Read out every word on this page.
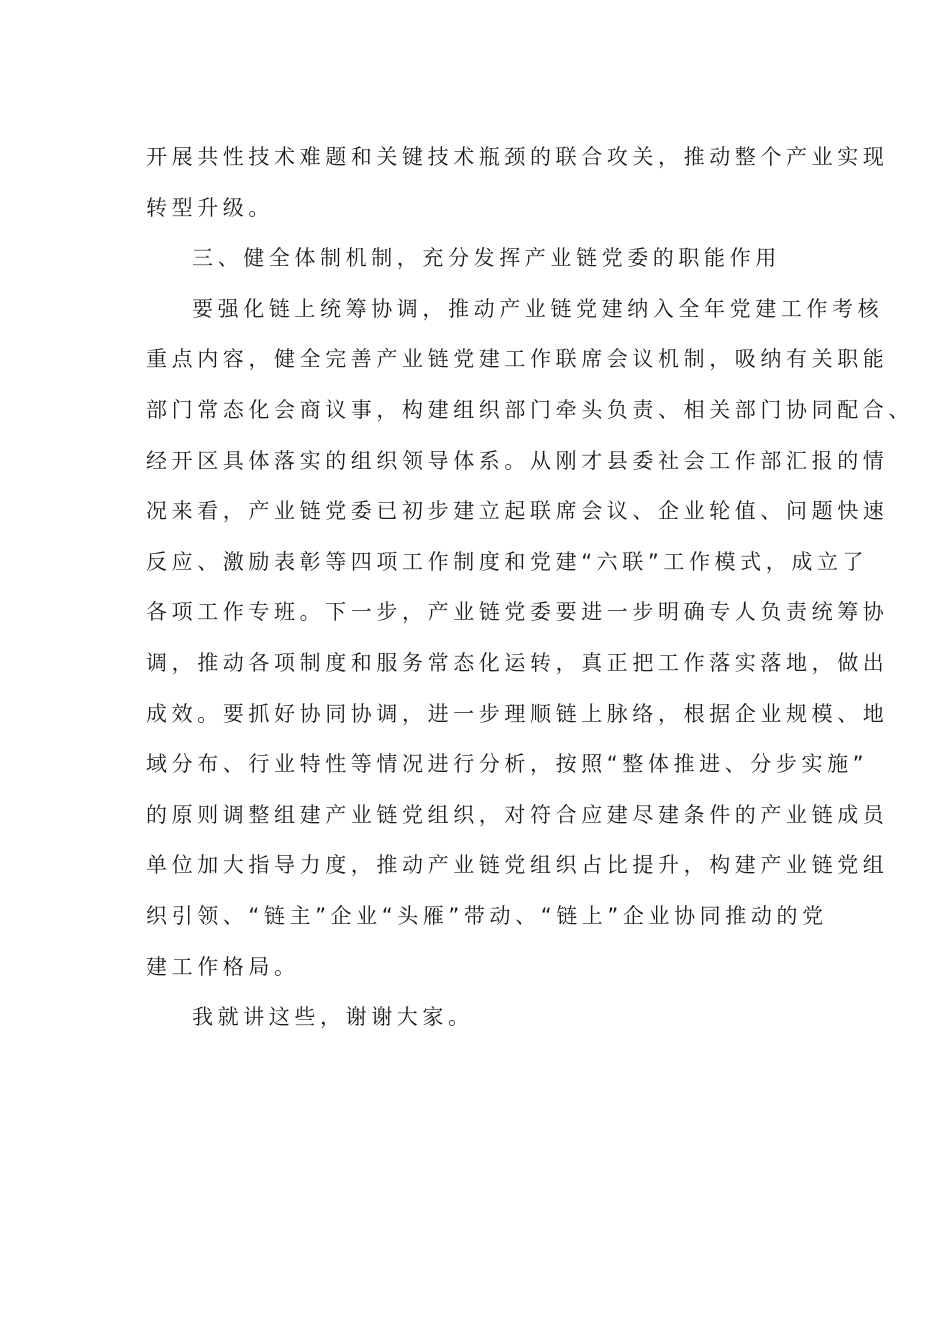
开展共性技术难题和关键技术瓶颈的联合攻关，推动整个产业实现
转型升级。
三、健全体制机制，充分发挥产业链党委的职能作用
要强化链上统筹协调，推动产业链党建纳入全年党建工作考核
重点内容，健全完善产业链党建工作联席会议机制，吸纳有关职能
部门常态化会商议事，构建组织部门牵头负责、相关部门协同配合、
经开区具体落实的组织领导体系。从刚才县委社会工作部汇报的情
况来看，产业链党委已初步建立起联席会议、企业轮值、问题快速
反应、激励表彰等四项工作制度和党建“六联”工作模式，成立了
各项工作专班。下一步，产业链党委要进一步明确专人负责统筹协
调，推动各项制度和服务常态化运转，真正把工作落实落地，做出
成效。要抓好协同协调，进一步理顺链上脉络，根据企业规模、地
域分布、行业特性等情况进行分析，按照“整体推进、分步实施”
的原则调整组建产业链党组织，对符合应建尽建条件的产业链成员
单位加大指导力度，推动产业链党组织占比提升，构建产业链党组
织引领、“链主”企业“头雁”带动、“链上”企业协同推动的党
建工作格局。
我就讲这些，谢谢大家。
